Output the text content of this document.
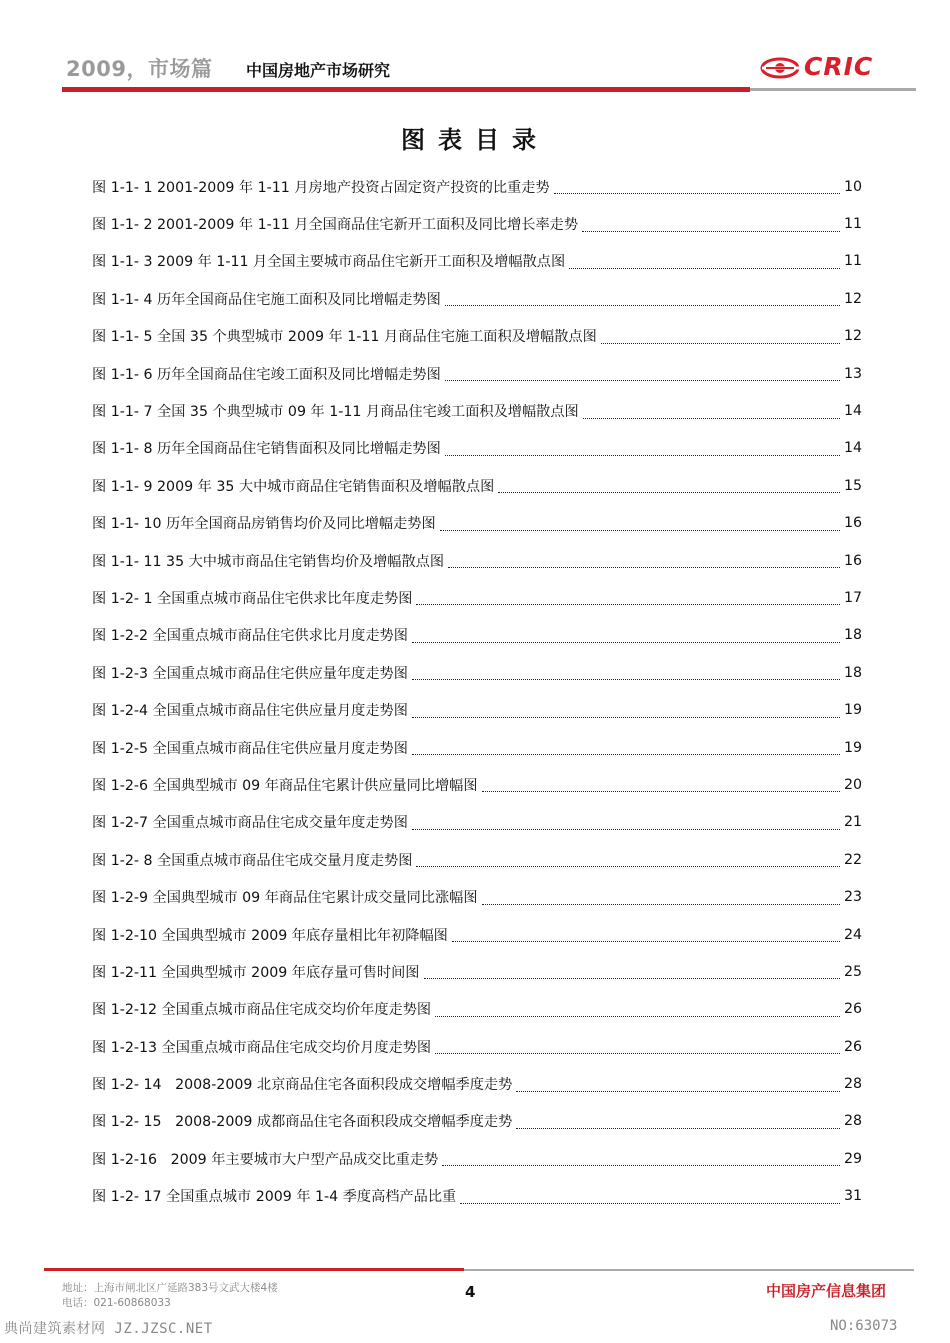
2009，市场篇 中国房地产市场研究	CRIC
图表目录
图 1-1- 1 2001-2009 年 1-11 月房地产投资占固定资产投资的比重走势	10
图 1-1- 2 2001-2009 年 1-11 月全国商品住宅新开工面积及同比增长率走势	11
图 1-1- 3 2009 年 1-11 月全国主要城市商品住宅新开工面积及增幅散点图	11
图 1-1- 4 历年全国商品住宅施工面积及同比增幅走势图	12
图 1-1- 5 全国 35 个典型城市 2009 年 1-11 月商品住宅施工面积及增幅散点图	12
图 1-1- 6 历年全国商品住宅竣工面积及同比增幅走势图	13
图 1-1- 7 全国 35 个典型城市 09 年 1-11 月商品住宅竣工面积及增幅散点图	14
图 1-1- 8 历年全国商品住宅销售面积及同比增幅走势图	14
图 1-1- 9 2009 年 35 大中城市商品住宅销售面积及增幅散点图	15
图 1-1- 10 历年全国商品房销售均价及同比增幅走势图	16
图 1-1- 11 35 大中城市商品住宅销售均价及增幅散点图	16
图 1-2- 1 全国重点城市商品住宅供求比年度走势图	17
图 1-2-2 全国重点城市商品住宅供求比月度走势图	18
图 1-2-3 全国重点城市商品住宅供应量年度走势图	18
图 1-2-4 全国重点城市商品住宅供应量月度走势图	19
图 1-2-5 全国重点城市商品住宅供应量月度走势图	19
图 1-2-6 全国典型城市 09 年商品住宅累计供应量同比增幅图	20
图 1-2-7 全国重点城市商品住宅成交量年度走势图	21
图 1-2- 8 全国重点城市商品住宅成交量月度走势图	22
图 1-2-9 全国典型城市 09 年商品住宅累计成交量同比涨幅图	23
图 1-2-10 全国典型城市 2009 年底存量相比年初降幅图	24
图 1-2-11 全国典型城市 2009 年底存量可售时间图	25
图 1-2-12 全国重点城市商品住宅成交均价年度走势图	26
图 1-2-13 全国重点城市商品住宅成交均价月度走势图	26
图 1-2- 14   2008-2009 北京商品住宅各面积段成交增幅季度走势	28
图 1-2- 15   2008-2009 成都商品住宅各面积段成交增幅季度走势	28
图 1-2-16   2009 年主要城市大户型产品成交比重走势	29
图 1-2- 17 全国重点城市 2009 年 1-4 季度高档产品比重	31
地址：上海市闸北区广延路383号文武大楼4楼
电话：021-60868033
4	中国房产信息集团
典尚建筑素材网 JZ.JZSC.NET	NO:63073
